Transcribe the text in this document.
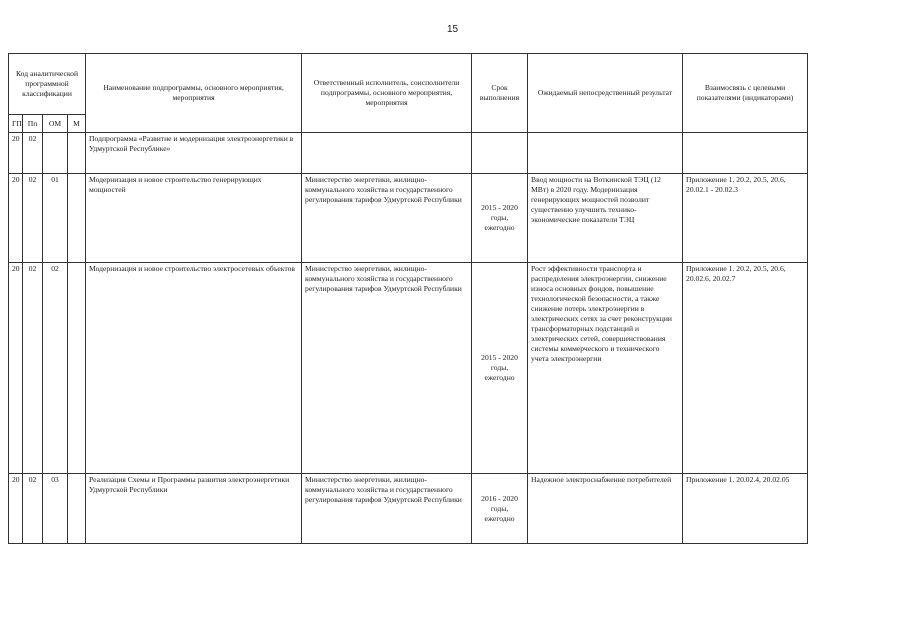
15
Код аналитической программной классификации				Наименование подпрограммы, основного мероприятия, мероприятия	Ответственный исполнитель, соисполнители подпрограммы, основного мероприятия, мероприятия	Срок выполнения	Ожидаемый непосредственный результат	Взаимосвязь с целевыми показателями (индикаторами)
ГП	Пп	ОМ	М					
20	02			Подпрограмма «Развитие и модернизация электроэнергетики в Удмуртской Республике»				
20	02	01		Модернизация и новое строительство генерирующих мощностей	Министерство энергетики, жилищно-коммунального хозяйства и государственного регулирования тарифов Удмуртской Республики	2015 - 2020 годы, ежегодно	Ввод мощности на Воткинской ТЭЦ (12 МВт) в 2020 году. Модернизация генерирующих мощностей позволит существенно улучшить технико-экономические показатели ТЭЦ	Приложение 1. 20.2, 20.5, 20.6, 20.02.1 - 20.02.3
20	02	02		Модернизация и новое строительство электросетевых объектов	Министерство энергетики, жилищно-коммунального хозяйства и государственного регулирования тарифов Удмуртской Республики	2015 - 2020 годы, ежегодно	Рост эффективности транспорта и распределения электроэнергии, снижение износа основных фондов, повышение технологической безопасности, а также снижение потерь электроэнергии в электрических сетях за счет реконструкции трансформаторных подстанций и электрических сетей, совершенствования системы коммерческого и технического учета электроэнергии	Приложение 1. 20.2, 20.5, 20.6, 20.02.6, 20.02.7
20	02	03		Реализация Схемы и Программы развития электроэнергетики Удмуртской Республики	Министерство энергетики, жилищно-коммунального хозяйства и государственного регулирования тарифов Удмуртской Республики	2016 - 2020 годы, ежегодно	Надежное электроснабжение потребителей	Приложение 1. 20.02.4, 20.02.05
